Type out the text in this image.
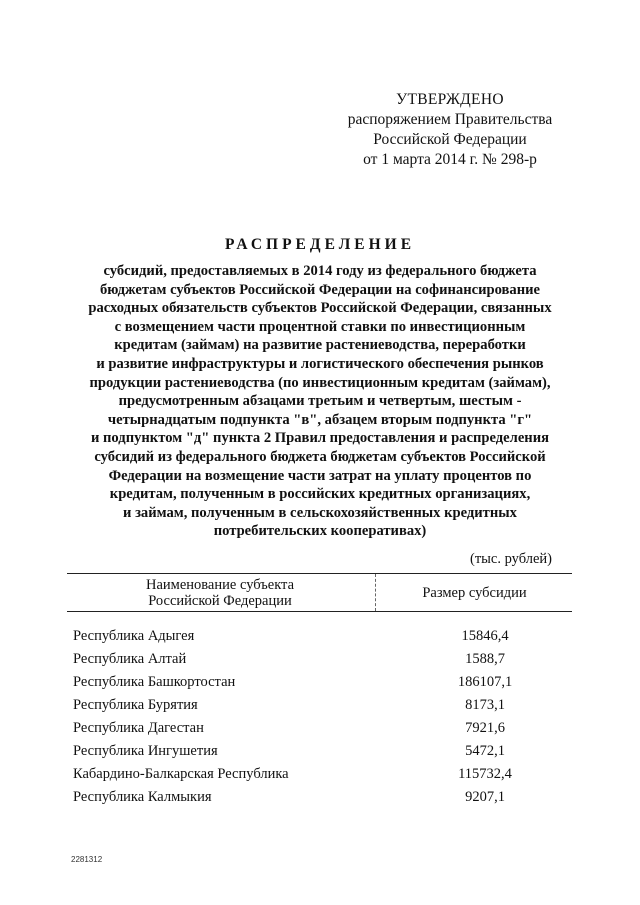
УТВЕРЖДЕНО
распоряжением Правительства
Российской Федерации
от 1 марта 2014 г. № 298-р
РАСПРЕДЕЛЕНИЕ
субсидий, предоставляемых в 2014 году из федерального бюджета
бюджетам субъектов Российской Федерации на софинансирование
расходных обязательств субъектов Российской Федерации, связанных
с возмещением части процентной ставки по инвестиционным
кредитам (займам) на развитие растениеводства, переработки
и развитие инфраструктуры и логистического обеспечения рынков
продукции растениеводства (по инвестиционным кредитам (займам),
предусмотренным абзацами третьим и четвертым, шестым -
четырнадцатым подпункта "в", абзацем вторым подпункта "г"
и подпунктом "д" пункта 2 Правил предоставления и распределения
субсидий из федерального бюджета бюджетам субъектов Российской
Федерации на возмещение части затрат на уплату процентов по
кредитам, полученным в российских кредитных организациях,
и займам, полученным в сельскохозяйственных кредитных
потребительских кооперативах)
(тыс. рублей)
Наименование субъекта
Российской Федерации	Размер субсидии
Республика Адыгея	15846,4
Республика Алтай	1588,7
Республика Башкортостан	186107,1
Республика Бурятия	8173,1
Республика Дагестан	7921,6
Республика Ингушетия	5472,1
Кабардино-Балкарская Республика	115732,4
Республика Калмыкия	9207,1
2281312
